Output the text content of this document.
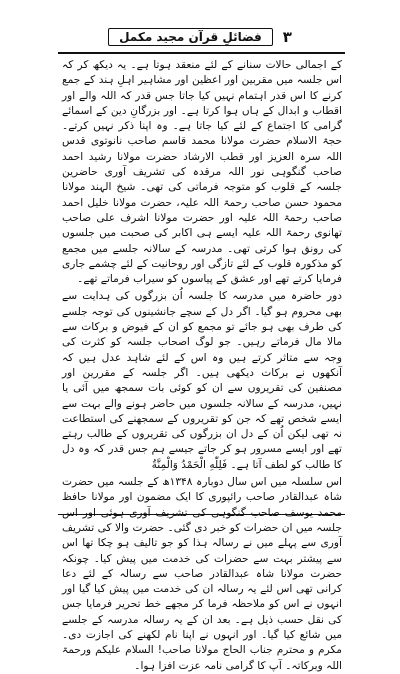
۳
فضائلِ قرآن مجید مکمل

کے اجمالی حالات سنانے کے لئے منعقد ہوتا ہے۔ یہ دیکھ کر کہ اس جلسہ میں مقربین اور اعظین اور مشاہیر اہلِ ہند کے جمع کرنے کا اس قدر اہتمام نہیں کیا جاتا جس قدر کہ اللہ والے اور اقطاب و ابدال کے ہاں ہوا کرتا ہے۔ اور بزرگانِ دین کے اسمائے گرامی کا اجتماع کے لئے کیا جاتا ہے۔ وہ اپنا ذکر نہیں کرتے۔ حجۃ الاسلام حضرت مولانا محمد قاسم صاحب نانوتوی قدس اللہ سرہ العزیز اور قطب الارشاد حضرت مولانا رشید احمد صاحب گنگوہی نور اللہ مرقدہ کی تشریف آوری حاضرین جلسہ کے قلوب کو متوجہ فرماتی کی تھی۔ شیخ الہند مولانا محمود حسن صاحب رحمۃ اللہ علیہ، حضرت مولانا خلیل احمد صاحب رحمۃ اللہ علیہ اور حضرت مولانا اشرف علی صاحب تھانوی رحمۃ اللہ علیہ ایسے ہی اکابر کی صحبت میں جلسوں کی رونق ہوا کرتی تھی۔ مدرسہ کے سالانہ جلسے میں مجمع کو مذکورہ قلوب کے لئے تازگی اور روحانیت کے لئے چشمے جاری فرمایا کرتے تھے اور عشق کے پیاسوں کو سیراب فرماتے تھے۔

دور حاضرہ میں مدرسہ کا جلسہ اُن بزرگوں کی ہدایت سے بھی محروم ہو گیا۔ اگر دل کے سچے جانشینوں کی توجہ جلسے کی طرف بھی ہو جائے تو مجمع کو ان کے فیوض و برکات سے مالا مال فرماتے رہیں۔ جو لوگ اصحاب جلسہ کو کثرت کی وجہ سے متاثر کرتے ہیں وہ اس کے لئے شاہد عدل ہیں کہ آنکھوں نے برکات دیکھی ہیں۔ اگر جلسہ کے مقررین اور مصنفین کی تقریروں سے ان کو کوئی بات سمجھ میں آئی یا نہیں، مدرسہ کے سالانہ جلسوں میں حاضر ہونے والے بہت سے ایسے شخص تھے کہ جن کو تقریروں کے سمجھنے کی استطاعت نہ تھی لیکن اُن کے دل ان بزرگوں کی تقریروں کے طالب رہتے تھے اور ایسے مسرور ہو کر جاتے جیسے ہم جس قدر کہ وہ دل کا طالب کو لطف آتا ہے۔ فَلِلّٰهِ الْحَمْدُ وَالْمِنَّةُ

اس سلسلہ میں اس سال دوبارہ ۱۳۴۸ھ کے جلسہ میں حضرت شاہ عبدالقادر صاحب رائپوری کا ایک مضمون اور مولانا حافظ محمد یوسف صاحب گنگوہی کی تشریف آوری ہوئی اور اس جلسہ میں ان حضرات کو خبر دی گئی۔ حضرت والا کی تشریف آوری سے پہلے میں نے رسالہ ہذا کو جو تالیف ہو چکا تھا اس سے پیشتر بہت سے حضرات کی خدمت میں پیش کیا۔ چونکہ حضرت مولانا شاہ عبدالقادر صاحب سے رسالہ کے لئے دعا کرانی تھی اس لئے یہ رسالہ ان کی خدمت میں پیش کیا گیا اور انہوں نے اس کو ملاحظہ فرما کر مجھے خط تحریر فرمایا جس کی نقل حسب ذیل ہے۔ بعد ان کے یہ رسالہ مدرسہ کے جلسے میں شائع کیا گیا۔ اور انہوں نے اپنا نام لکھنے کی اجازت دی۔ مکرم و محترم جناب الحاج مولانا صاحب! السلام علیکم ورحمۃ اللہ وبرکاتہ۔ آپ کا گرامی نامہ عزت افزا ہوا۔
